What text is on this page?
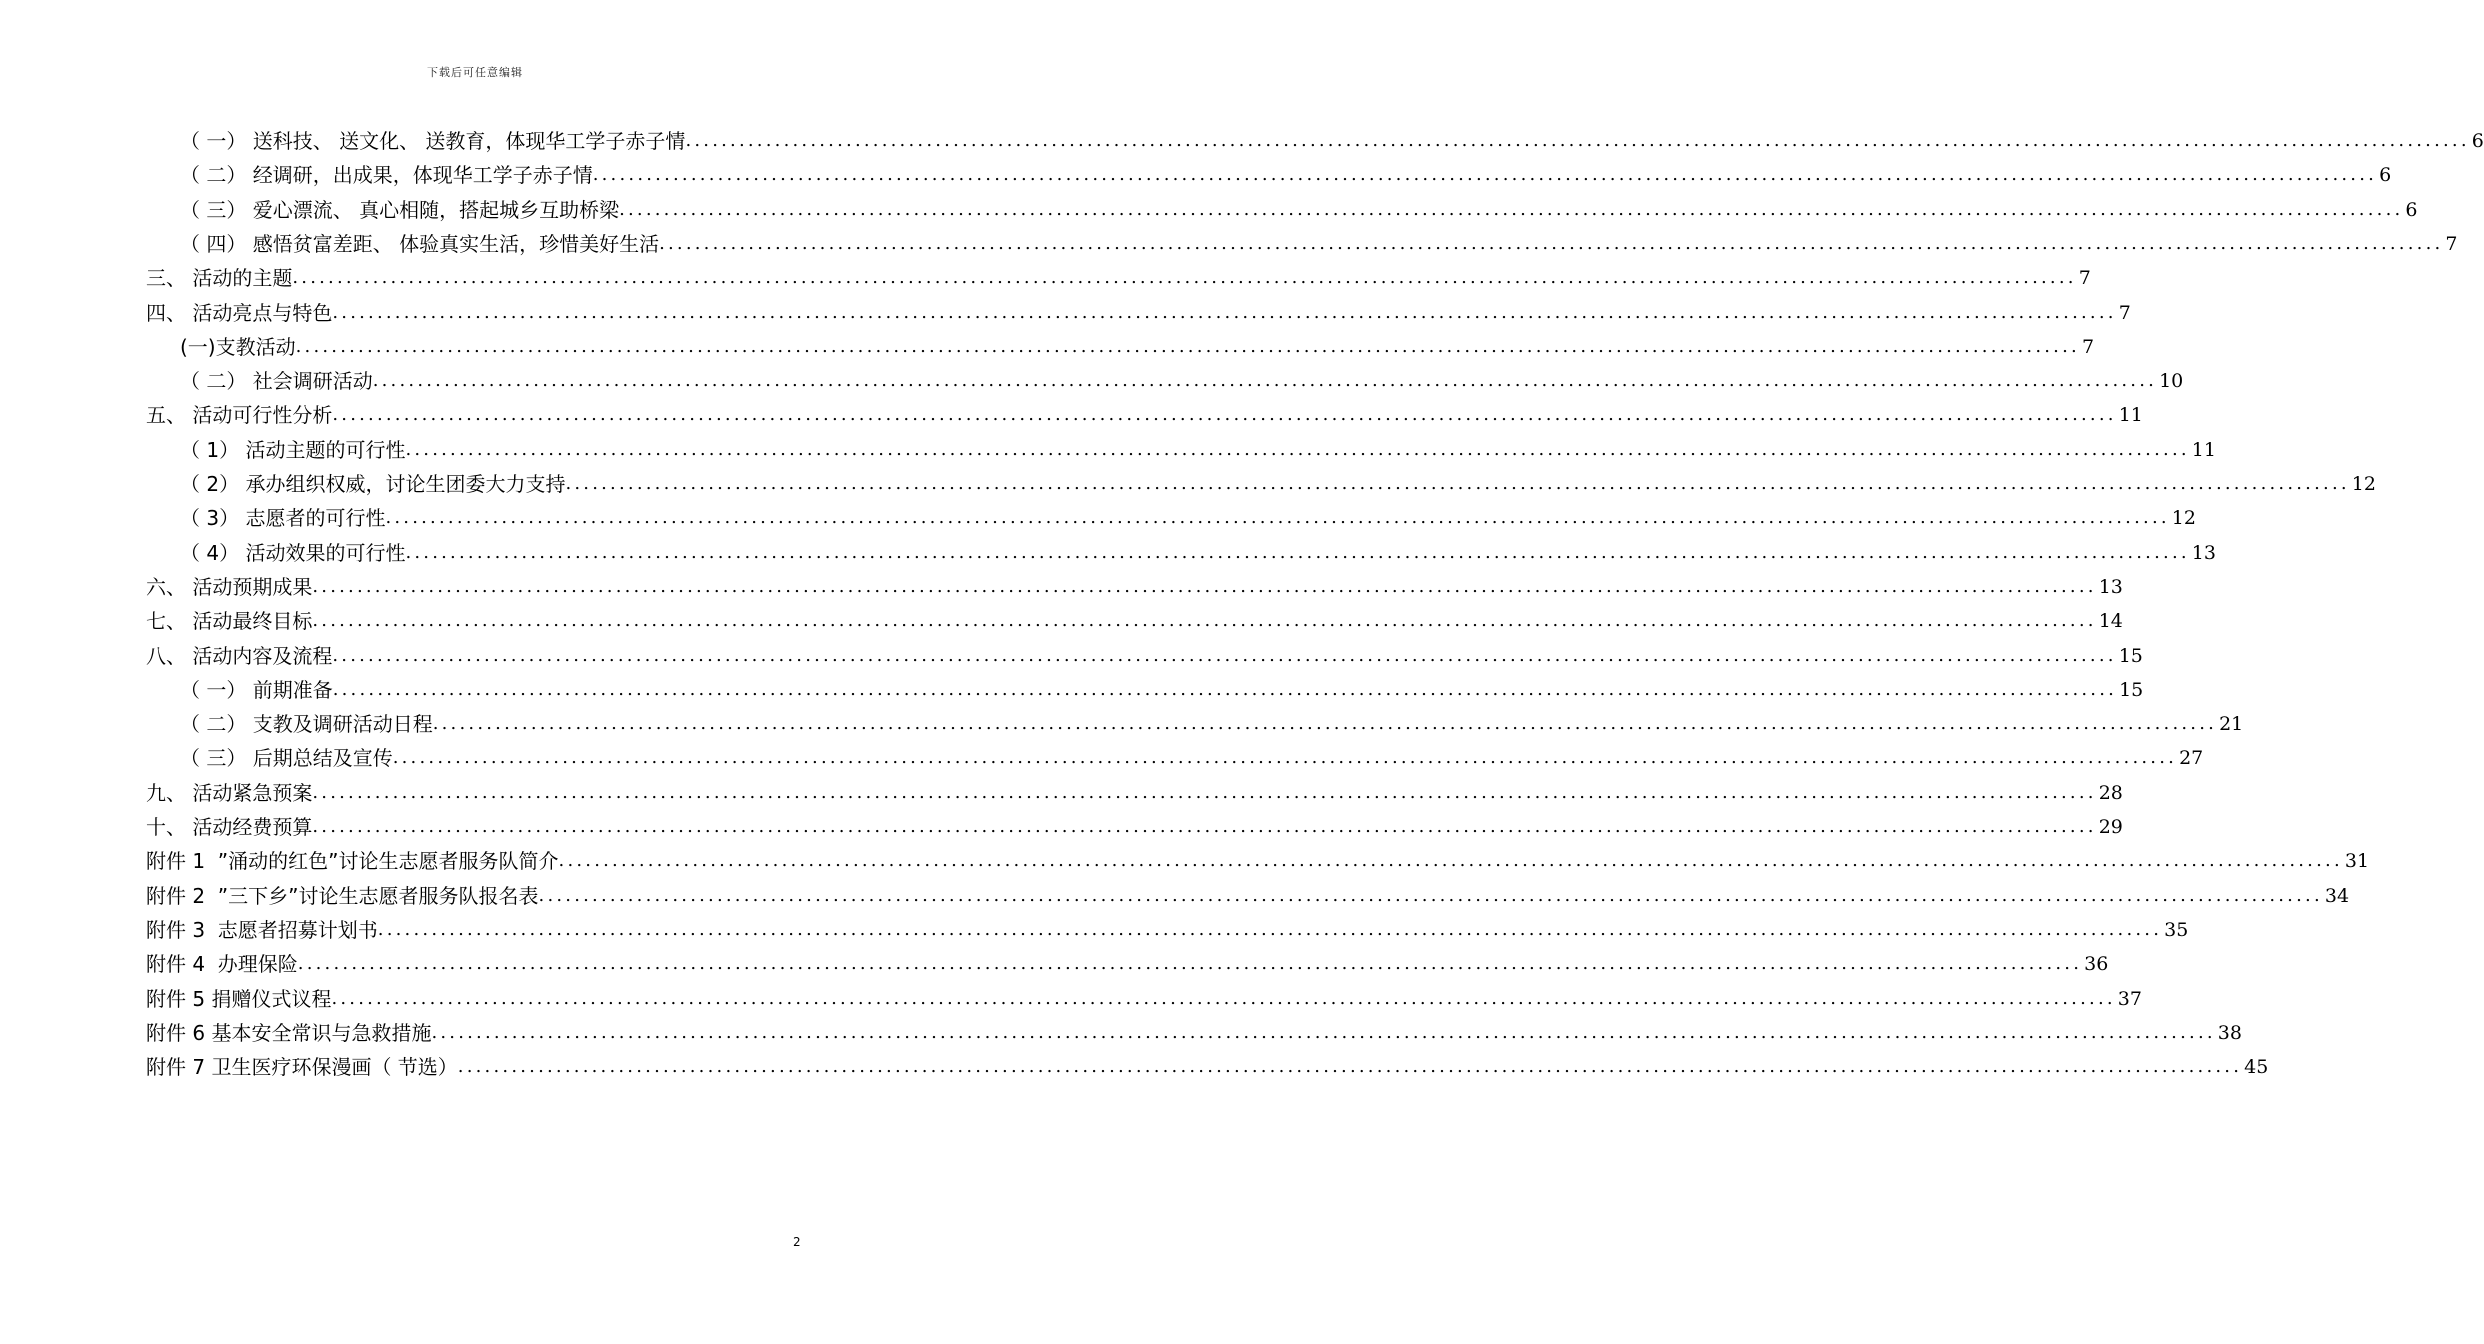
下载后可任意编辑
（ 一） 送科技、 送文化、 送教育，体现华工学子赤子情 ........................................................................................................................................................................................................ 6
（ 二） 经调研，出成果，体现华工学子赤子情 ........................................................................................................................................................................................................ 6
（ 三） 爱心漂流、 真心相随，搭起城乡互助桥梁 ........................................................................................................................................................................................................ 6
（ 四） 感悟贫富差距、 体验真实生活，珍惜美好生活 ........................................................................................................................................................................................................ 7
三、 活动的主题 ........................................................................................................................................................................................................ 7
四、 活动亮点与特色 ........................................................................................................................................................................................................ 7
(一)支教活动 ........................................................................................................................................................................................................ 7
（ 二） 社会调研活动 ........................................................................................................................................................................................................ 10
五、 活动可行性分析 ........................................................................................................................................................................................................ 11
（ 1） 活动主题的可行性 ........................................................................................................................................................................................................ 11
（ 2） 承办组织权威，讨论生团委大力支持 ........................................................................................................................................................................................................ 12
（ 3） 志愿者的可行性 ........................................................................................................................................................................................................ 12
（ 4） 活动效果的可行性 ........................................................................................................................................................................................................ 13
六、 活动预期成果 ........................................................................................................................................................................................................ 13
七、 活动最终目标 ........................................................................................................................................................................................................ 14
八、 活动内容及流程 ........................................................................................................................................................................................................ 15
（ 一） 前期准备 ........................................................................................................................................................................................................ 15
（ 二） 支教及调研活动日程 ........................................................................................................................................................................................................ 21
（ 三） 后期总结及宣传 ........................................................................................................................................................................................................ 27
九、 活动紧急预案 ........................................................................................................................................................................................................ 28
十、 活动经费预算 ........................................................................................................................................................................................................ 29
附件 1  ”涌动的红色”讨论生志愿者服务队简介 ........................................................................................................................................................................................................ 31
附件 2  ”三下乡”讨论生志愿者服务队报名表 ........................................................................................................................................................................................................ 34
附件 3  志愿者招募计划书 ........................................................................................................................................................................................................ 35
附件 4  办理保险 ........................................................................................................................................................................................................ 36
附件 5 捐赠仪式议程 ........................................................................................................................................................................................................ 37
附件 6 基本安全常识与急救措施 ........................................................................................................................................................................................................ 38
附件 7 卫生医疗环保漫画（ 节选） ........................................................................................................................................................................................................ 45
2
